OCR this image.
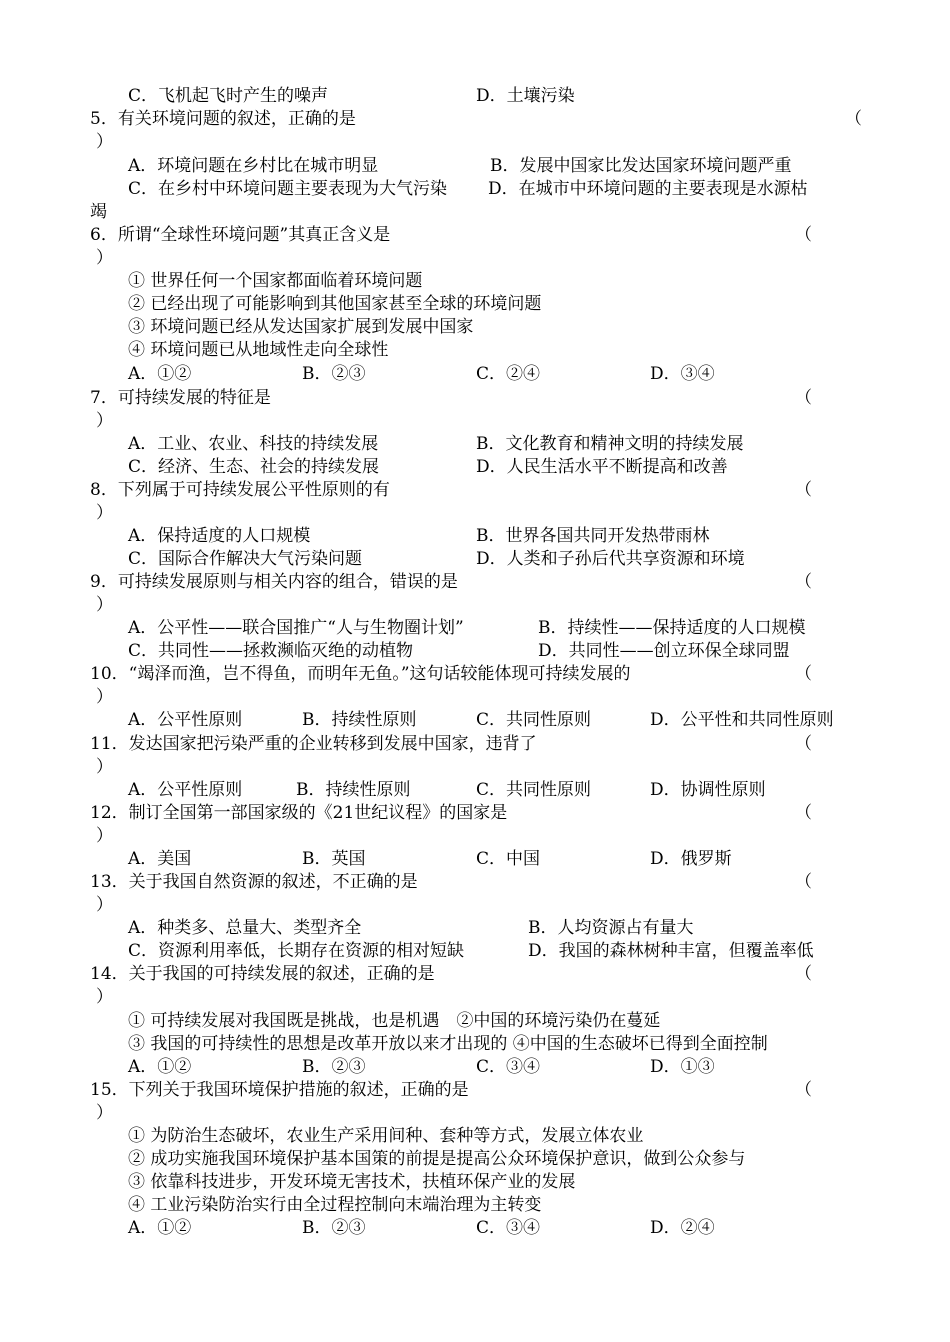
C．飞机起飞时产生的噪声	D．土壤污染
5．有关环境问题的叙述，正确的是	（
）
A．环境问题在乡村比在城市明显	B．发展中国家比发达国家环境问题严重
C．在乡村中环境问题主要表现为大气污染 D．在城市中环境问题的主要表现是水源枯
竭
6．所谓“全球性环境问题”其真正含义是	（
）
① 世界任何一个国家都面临着环境问题
② 已经出现了可能影响到其他国家甚至全球的环境问题
③ 环境问题已经从发达国家扩展到发展中国家
④ 环境问题已从地域性走向全球性
A．①②	B．②③	C．②④	D．③④
7．可持续发展的特征是	（
）
A．工业、农业、科技的持续发展	B．文化教育和精神文明的持续发展
C．经济、生态、社会的持续发展	D．人民生活水平不断提高和改善
8．下列属于可持续发展公平性原则的有	（
）
A．保持适度的人口规模	B．世界各国共同开发热带雨林
C．国际合作解决大气污染问题	D．人类和子孙后代共享资源和环境
9．可持续发展原则与相关内容的组合，错误的是	（
）
A．公平性——联合国推广“人与生物圈计划”	B．持续性——保持适度的人口规模
C．共同性——拯救濒临灭绝的动植物	D．共同性——创立环保全球同盟
10．“竭泽而渔，岂不得鱼，而明年无鱼。”这句话较能体现可持续发展的	（
）
A．公平性原则	B．持续性原则	C．共同性原则	D．公平性和共同性原则
11．发达国家把污染严重的企业转移到发展中国家，违背了	（
）
A．公平性原则	B．持续性原则	C．共同性原则	D．协调性原则
12．制订全国第一部国家级的《21世纪议程》的国家是	（
）
A．美国	B．英国	C．中国	D．俄罗斯
13．关于我国自然资源的叙述，不正确的是	（
）
A．种类多、总量大、类型齐全	B．人均资源占有量大
C．资源利用率低，长期存在资源的相对短缺	D．我国的森林树种丰富，但覆盖率低
14．关于我国的可持续发展的叙述，正确的是	（
）
① 可持续发展对我国既是挑战，也是机遇　②中国的环境污染仍在蔓延
③ 我国的可持续性的思想是改革开放以来才出现的 ④中国的生态破坏已得到全面控制
A．①②	B．②③	C．③④	D．①③
15．下列关于我国环境保护措施的叙述，正确的是	（
）
① 为防治生态破坏，农业生产采用间种、套种等方式，发展立体农业
② 成功实施我国环境保护基本国策的前提是提高公众环境保护意识，做到公众参与
③ 依靠科技进步，开发环境无害技术，扶植环保产业的发展
④ 工业污染防治实行由全过程控制向末端治理为主转变
A．①②	B．②③	C．③④	D．②④
